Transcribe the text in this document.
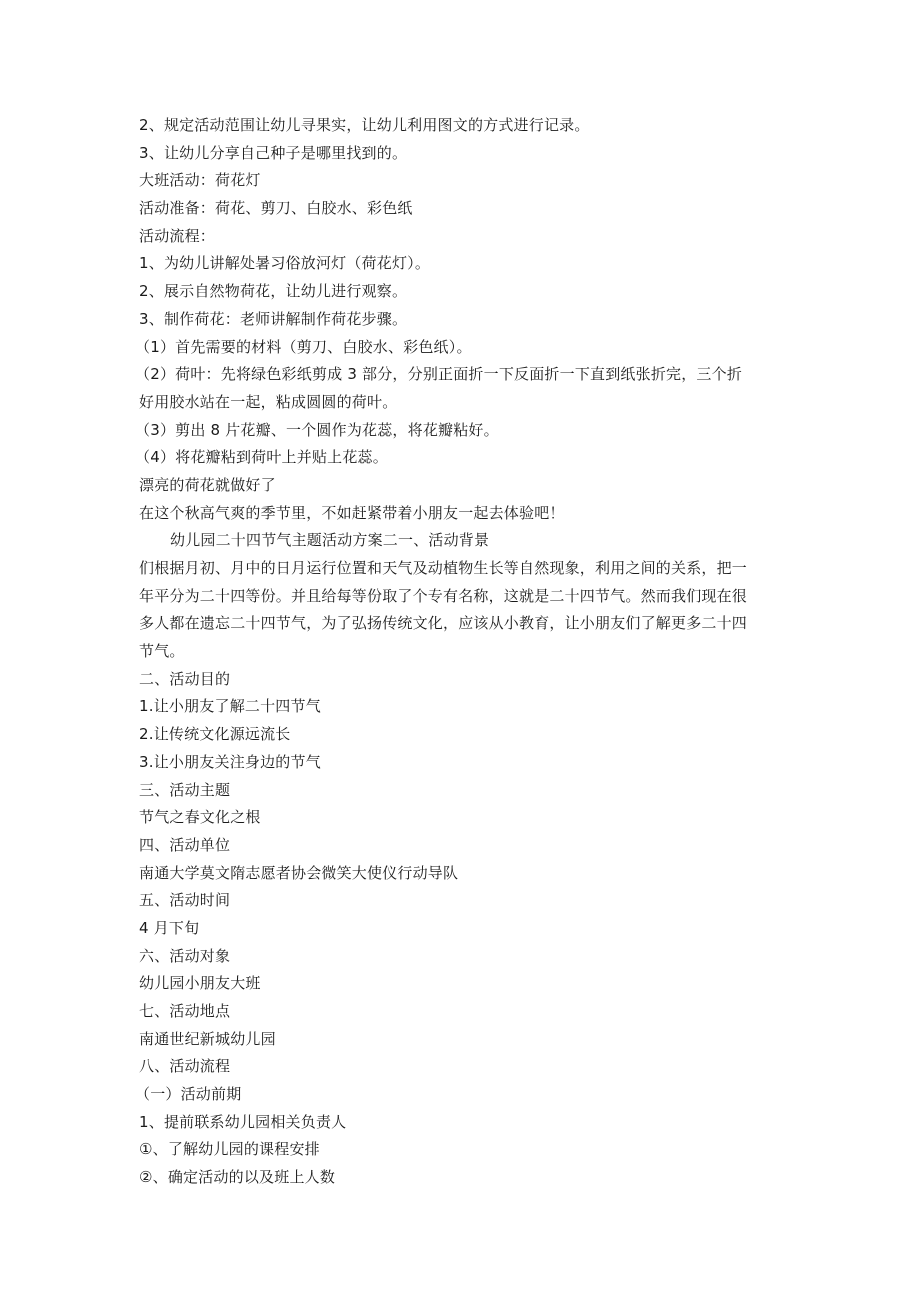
2、规定活动范围让幼儿寻果实，让幼儿利用图文的方式进行记录。
3、让幼儿分享自己种子是哪里找到的。
大班活动：荷花灯
活动准备：荷花、剪刀、白胶水、彩色纸
活动流程：
1、为幼儿讲解处暑习俗放河灯（荷花灯）。
2、展示自然物荷花，让幼儿进行观察。
3、制作荷花：老师讲解制作荷花步骤。
（1）首先需要的材料（剪刀、白胶水、彩色纸）。
（2）荷叶：先将绿色彩纸剪成 3 部分，分别正面折一下反面折一下直到纸张折完，三个折
好用胶水站在一起，粘成圆圆的荷叶。
（3）剪出 8 片花瓣、一个圆作为花蕊，将花瓣粘好。
（4）将花瓣粘到荷叶上并贴上花蕊。
漂亮的荷花就做好了
在这个秋高气爽的季节里，不如赶紧带着小朋友一起去体验吧！
幼儿园二十四节气主题活动方案二一、活动背景
们根据月初、月中的日月运行位置和天气及动植物生长等自然现象，利用之间的关系，把一
年平分为二十四等份。并且给每等份取了个专有名称，这就是二十四节气。然而我们现在很
多人都在遗忘二十四节气，为了弘扬传统文化，应该从小教育，让小朋友们了解更多二十四
节气。
二、活动目的
1.让小朋友了解二十四节气
2.让传统文化源远流长
3.让小朋友关注身边的节气
三、活动主题
节气之春文化之根
四、活动单位
南通大学莫文隋志愿者协会微笑大使仪行动导队
五、活动时间
4 月下旬
六、活动对象
幼儿园小朋友大班
七、活动地点
南通世纪新城幼儿园
八、活动流程
（一）活动前期
1、提前联系幼儿园相关负责人
①、了解幼儿园的课程安排
②、确定活动的以及班上人数
